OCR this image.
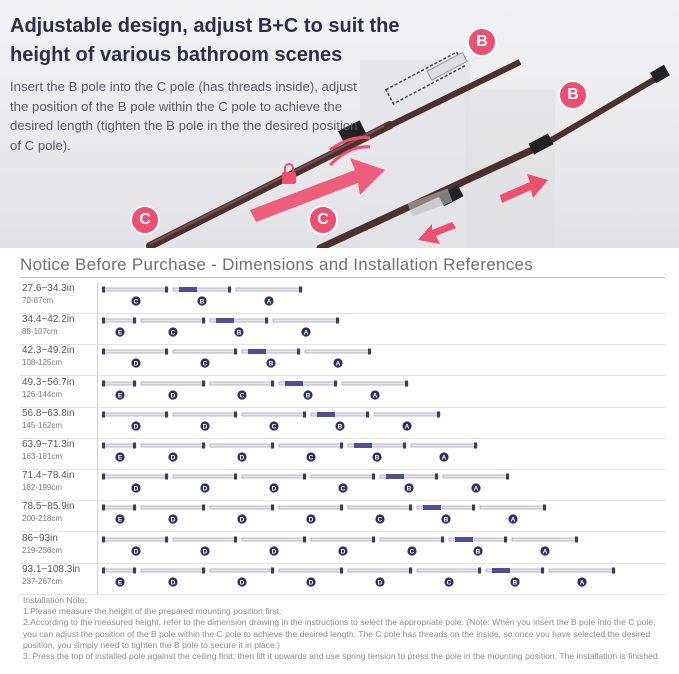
Adjustable design, adjust B+C to suit the
height of various bathroom scenes
Insert the B pole into the C pole (has threads inside), adjust the position of the B pole within the C pole to achieve the desired length (tighten the B pole in the the desired position of C pole).
B
B
C	C
Notice Before Purchase - Dimensions and Installation References
27.6~34.3in
70-87cm	C	B	A
34.4~42.2in
88-107cm	E	C	B	A
42.3~49.2in
108-125cm	D	C	B	A
49.3~56.7in
126-144cm	E	D	C	B	A
56.8~63.8in
145-162cm	D	D	C	B	A
63.9~71.3in
163-181cm	E	D	D	C	B	A
71.4~78.4in
182-199cm	D	D	D	C	B	A
78.5~85.9in
200-218cm	E	D	D	D	C	B	A
86~93in
219-236cm	D	D	D	D	C	B	A
93.1~108.3in
237-267cm	E	D	D	D	D	C	B	A
Installation Note:
1.Please measure the height of the prepared mounting position first.
2.According to the measured height, refer to the dimension drawing in the instructions to select the appropriate pole. (Note: When you insert the B pole into the C pole, you can adjust the position of the B pole within the C pole to achieve the desired length. The C pole has threads on the inside, so once you have selected the desired position, you simply need to tighten the B pole to secure it in place.)
3. Press the top of installed pole against the ceiling first, then lift it upwards and use spring tension to press the pole in the mounting position. The installation is finished.
